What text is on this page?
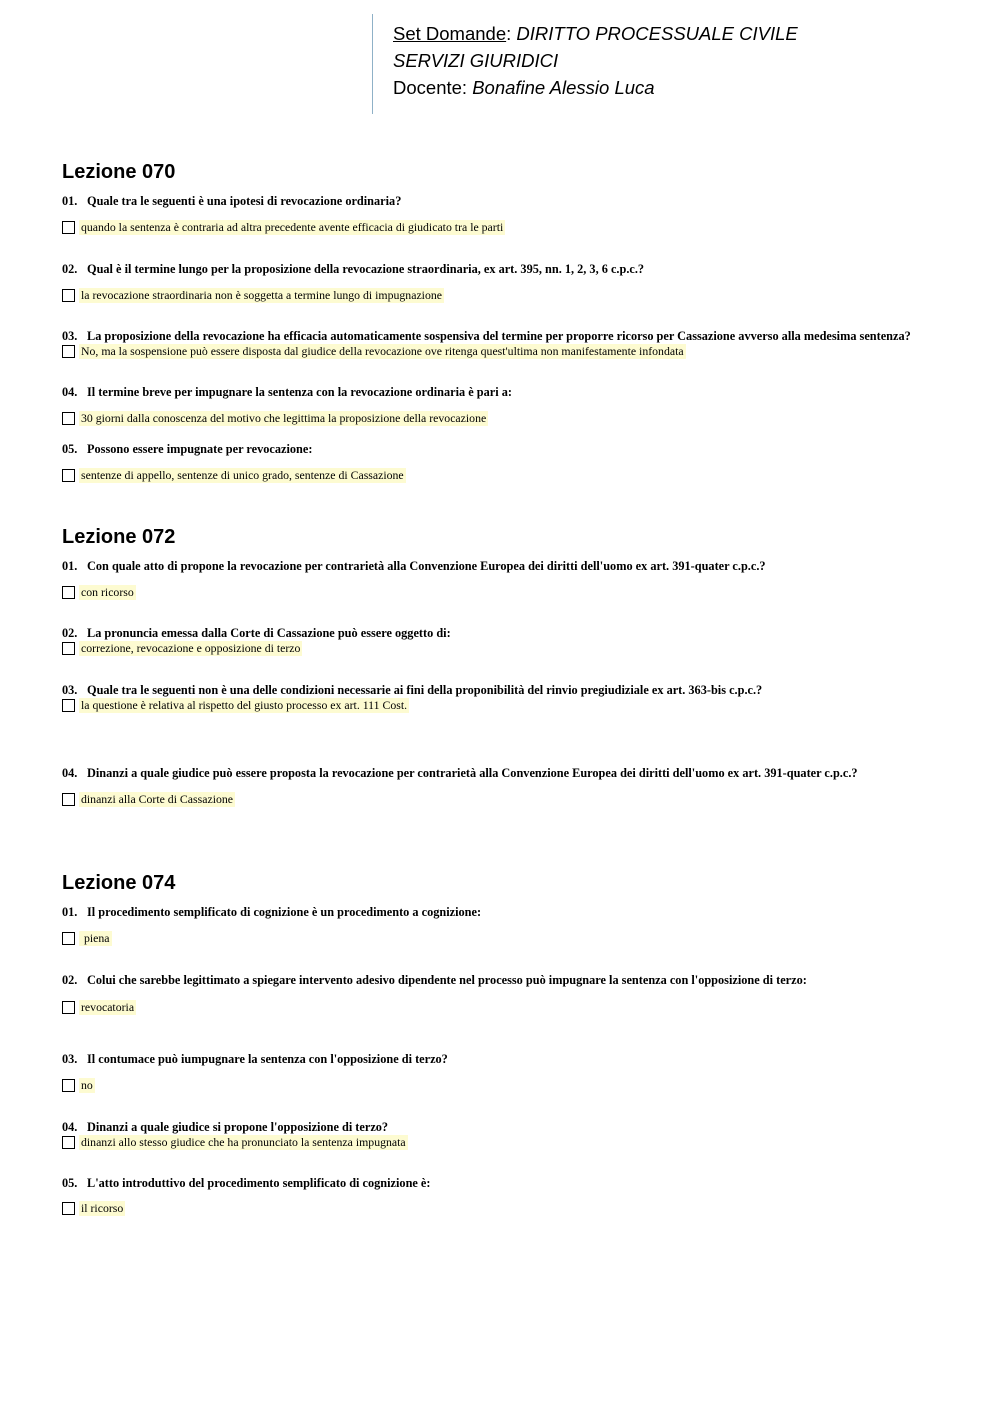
Set Domande: DIRITTO PROCESSUALE CIVILE
SERVIZI GIURIDICI
Docente: Bonafine Alessio Luca
Lezione 070
01. Quale tra le seguenti è una ipotesi di revocazione ordinaria?
quando la sentenza è contraria ad altra precedente avente efficacia di giudicato tra le parti
02. Qual è il termine lungo per la proposizione della revocazione straordinaria, ex art. 395, nn. 1, 2, 3, 6 c.p.c.?
la revocazione straordinaria non è soggetta a termine lungo di impugnazione
03. La proposizione della revocazione ha efficacia automaticamente sospensiva del termine per proporre ricorso per Cassazione avverso alla medesima sentenza?
No, ma la sospensione può essere disposta dal giudice della revocazione ove ritenga quest'ultima non manifestamente infondata
04. Il termine breve per impugnare la sentenza con la revocazione ordinaria è pari a:
30 giorni dalla conoscenza del motivo che legittima la proposizione della revocazione
05. Possono essere impugnate per revocazione:
sentenze di appello, sentenze di unico grado, sentenze di Cassazione
Lezione 072
01. Con quale atto di propone la revocazione per contrarietà alla Convenzione Europea dei diritti dell'uomo ex art. 391-quater c.p.c.?
con ricorso
02. La pronuncia emessa dalla Corte di Cassazione può essere oggetto di:
correzione, revocazione e opposizione di terzo
03. Quale tra le seguenti non è una delle condizioni necessarie ai fini della proponibilità del rinvio pregiudiziale ex art. 363-bis c.p.c.?
la questione è relativa al rispetto del giusto processo ex art. 111 Cost.
04. Dinanzi a quale giudice può essere proposta la revocazione per contrarietà alla Convenzione Europea dei diritti dell'uomo ex art. 391-quater c.p.c.?
dinanzi alla Corte di Cassazione
Lezione 074
01. Il procedimento semplificato di cognizione è un procedimento a cognizione:
piena
02. Colui che sarebbe legittimato a spiegare intervento adesivo dipendente nel processo può impugnare la sentenza con l'opposizione di terzo:
revocatoria
03. Il contumace può iumpugnare la sentenza con l'opposizione di terzo?
no
04. Dinanzi a quale giudice si propone l'opposizione di terzo?
dinanzi allo stesso giudice che ha pronunciato la sentenza impugnata
05. L'atto introduttivo del procedimento semplificato di cognizione è:
il ricorso
